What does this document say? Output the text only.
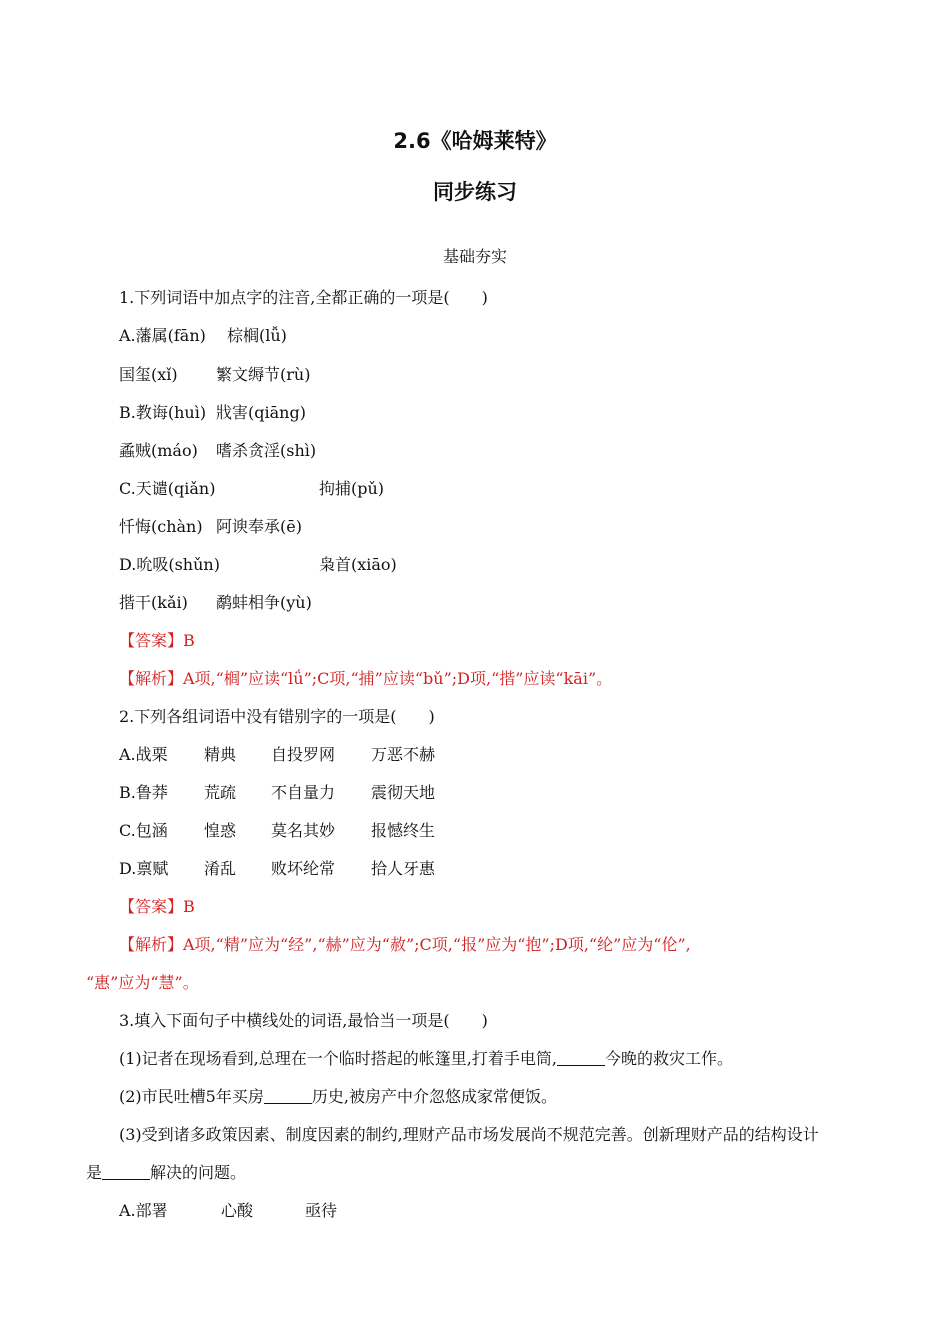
2.6《哈姆莱特》
同步练习
基础夯实
1.下列词语中加点字的注音,全都正确的一项是(　　)
A.藩属(fān) 棕榈(lǚ)
国玺(xǐ) 繁文缛节(rù)
B.教诲(huì) 戕害(qiāng)
蟊贼(máo) 嗜杀贪淫(shì)
C.天谴(qiǎn)	拘捕(pǔ)
忏悔(chàn) 阿谀奉承(ē)
D.吮吸(shǔn)	枭首(xiāo)
揩干(kǎi) 鹬蚌相争(yù)
【答案】B
【解析】A项,“榈”应读“lǘ”;C项,“捕”应读“bǔ”;D项,“揩”应读“kāi”。
2.下列各组词语中没有错别字的一项是(　　)
A.战栗 精典 自投罗网 万恶不赫
B.鲁莽 荒疏 不自量力 震彻天地
C.包涵 惶惑 莫名其妙 报憾终生
D.禀赋 淆乱 败坏纶常 拾人牙惠
【答案】B
【解析】A项,“精”应为“经”,“赫”应为“赦”;C项,“报”应为“抱”;D项,“纶”应为“伦”,
“惠”应为“慧”。
3.填入下面句子中横线处的词语,最恰当一项是(　　)
(1)记者在现场看到,总理在一个临时搭起的帐篷里,打着手电筒,	今晚的救灾工作。
(2)市民吐槽5年买房	历史,被房产中介忽悠成家常便饭。
(3)受到诸多政策因素、制度因素的制约,理财产品市场发展尚不规范完善。创新理财产品的结构设计
是	解决的问题。
A.部署	心酸	亟待
